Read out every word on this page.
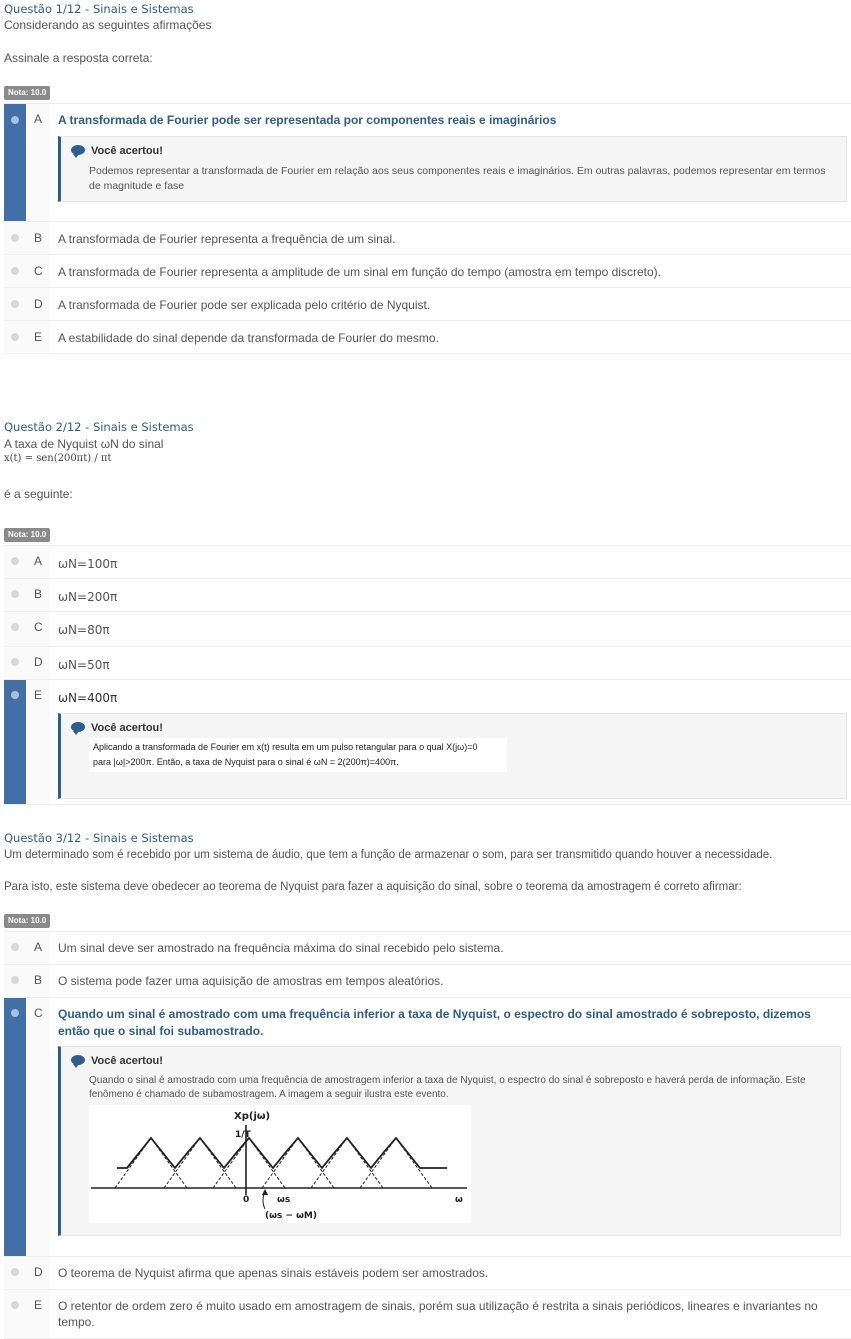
Questão 1/12 - Sinais e Sistemas
Considerando as seguintes afirmações
Assinale a resposta correta:
Nota: 10.0
A A transformada de Fourier pode ser representada por componentes reais e imaginários
Você acertou!
Podemos representar a transformada de Fourier em relação aos seus componentes reais e imaginários. Em outras palavras, podemos representar em termos de magnitude e fase
B A transformada de Fourier representa a frequência de um sinal.
C A transformada de Fourier representa a amplitude de um sinal em função do tempo (amostra em tempo discreto).
D A transformada de Fourier pode ser explicada pelo critério de Nyquist.
E A estabilidade do sinal depende da transformada de Fourier do mesmo.
Questão 2/12 - Sinais e Sistemas
A taxa de Nyquist ωN do sinal
x(t) = sen(200πt) / πt
é a seguinte:
Nota: 10.0
A ωN=100π
B ωN=200π
C ωN=80π
D ωN=50π
E ωN=400π
Você acertou!
Aplicando a transformada de Fourier em x(t) resulta em um pulso retangular para o qual X(jω)=0
para |ω|>200π. Então, a taxa de Nyquist para o sinal é ωN = 2(200π)=400π.
Questão 3/12 - Sinais e Sistemas
Um determinado som é recebido por um sistema de áudio, que tem a função de armazenar o som, para ser transmitido quando houver a necessidade.
Para isto, este sistema deve obedecer ao teorema de Nyquist para fazer a aquisição do sinal, sobre o teorema da amostragem é correto afirmar:
Nota: 10.0
A Um sinal deve ser amostrado na frequência máxima do sinal recebido pelo sistema.
B O sistema pode fazer uma aquisição de amostras em tempos aleatórios.
C Quando um sinal é amostrado com uma frequência inferior a taxa de Nyquist, o espectro do sinal amostrado é sobreposto, dizemos então que o sinal foi subamostrado.
Você acertou!
Quando o sinal é amostrado com uma frequência de amostragem inferior a taxa de Nyquist, o espectro do sinal é sobreposto e haverá perda de informação. Este fenômeno é chamado de subamostragem. A imagem a seguir ilustra este evento.
Xp(jω)
1/T
0	ωs
(ωs − ωM)
ω
D O teorema de Nyquist afirma que apenas sinais estáveis podem ser amostrados.
E O retentor de ordem zero é muito usado em amostragem de sinais, porém sua utilização é restrita a sinais periódicos, lineares e invariantes no tempo.
